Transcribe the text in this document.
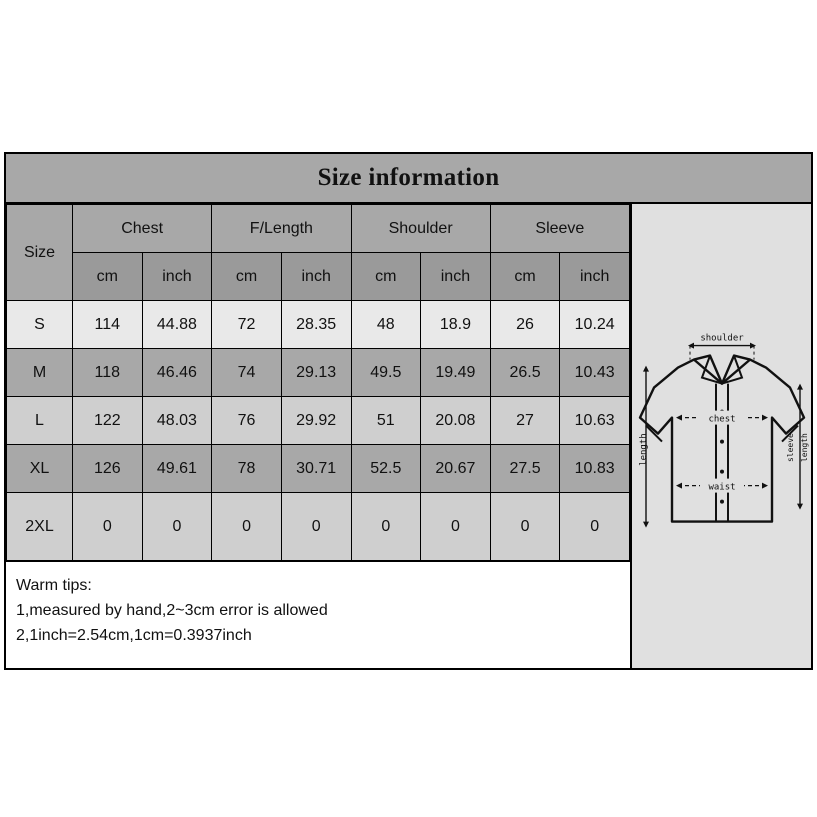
Size information
Size	Chest		F/Length		Shoulder		Sleeve	
	cm	inch	cm	inch	cm	inch	cm	inch
S	114	44.88	72	28.35	48	18.9	26	10.24
M	118	46.46	74	29.13	49.5	19.49	26.5	10.43
L	122	48.03	76	29.92	51	20.08	27	10.63
XL	126	49.61	78	30.71	52.5	20.67	27.5	10.83
2XL	0	0	0	0	0	0	0	0
Warm tips:
1,measured by hand,2~3cm error is allowed
2,1inch=2.54cm,1cm=0.3937inch
shoulder
chest
waist
length	sleeve length
